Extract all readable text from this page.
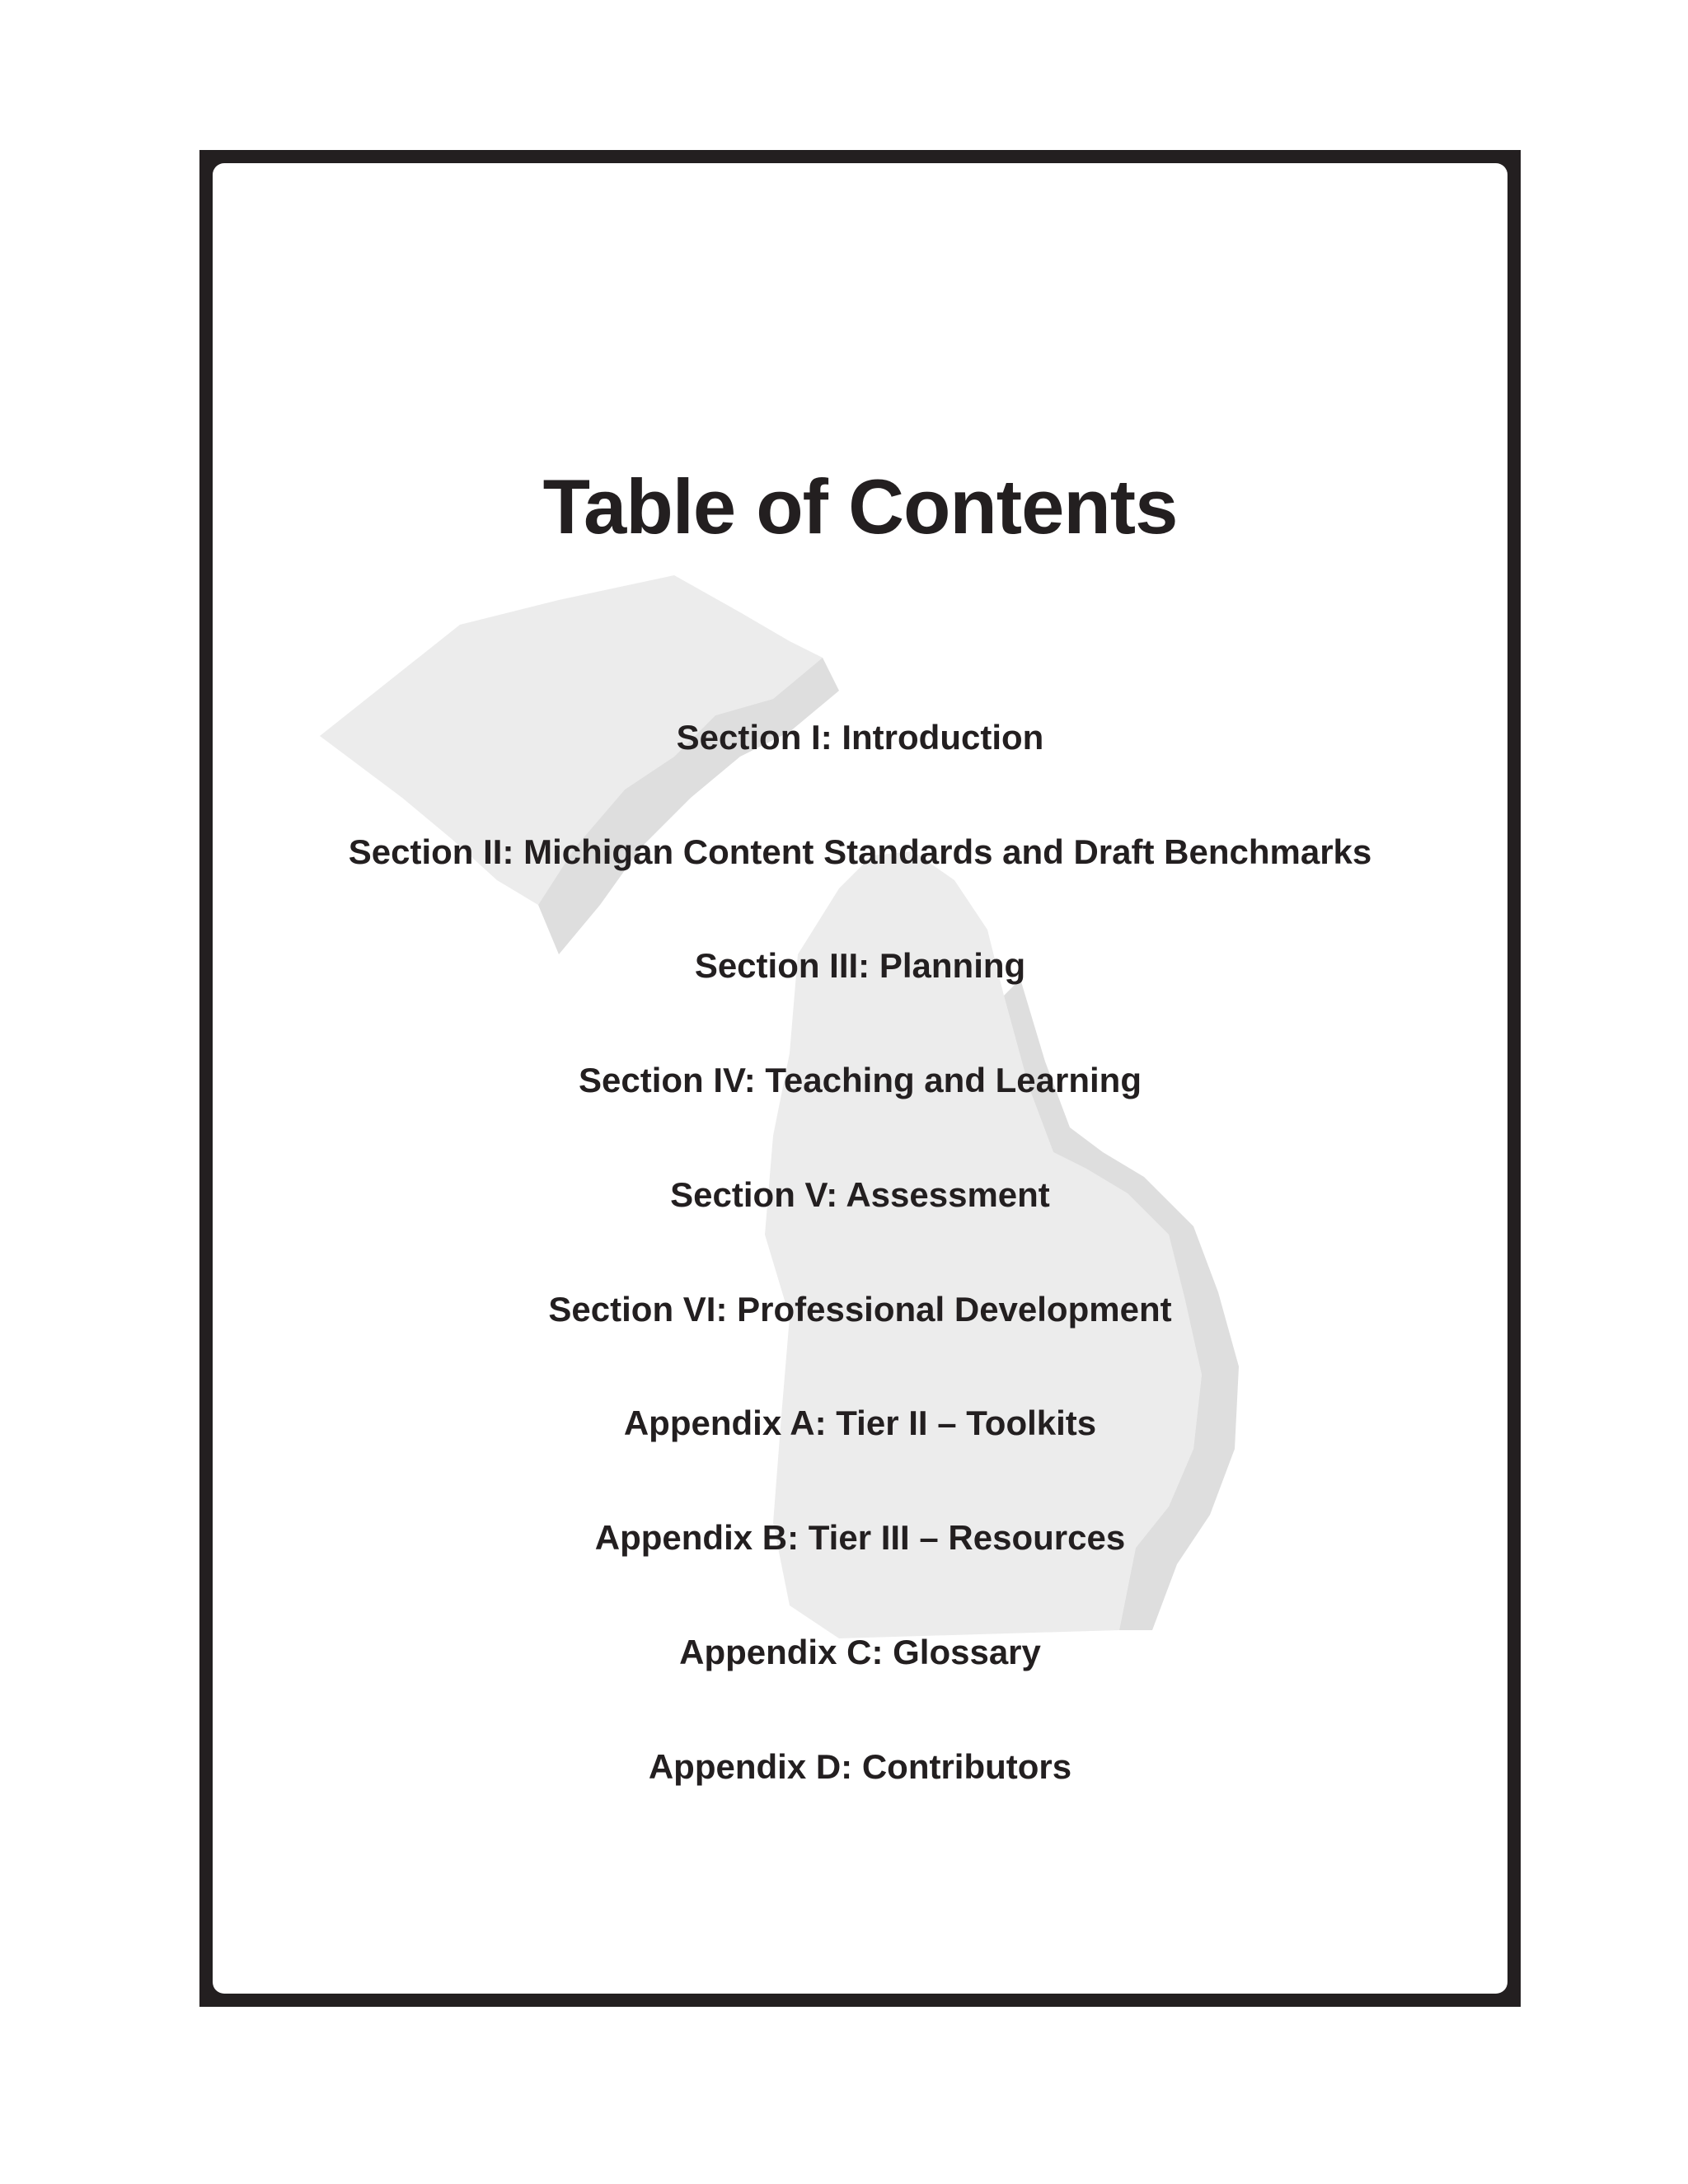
Table of Contents
Section I: Introduction
Section II: Michigan Content Standards and Draft Benchmarks
Section III: Planning
Section IV: Teaching and Learning
Section V: Assessment
Section VI: Professional Development
Appendix A: Tier II – Toolkits
Appendix B: Tier III – Resources
Appendix C: Glossary
Appendix D: Contributors
